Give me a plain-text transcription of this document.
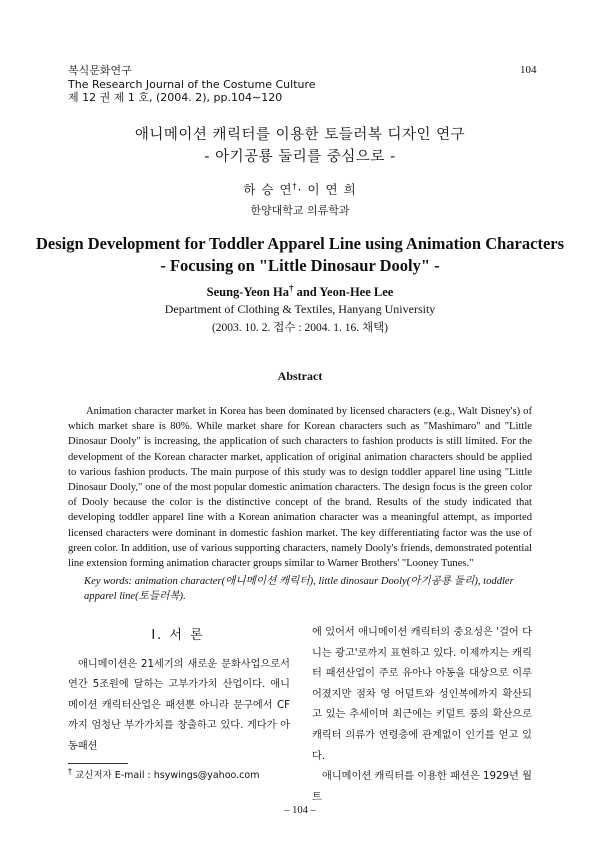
복식문화연구
The Research Journal of the Costume Culture
제 12 권 제 1 호, (2004. 2), pp.104∼120
104
애니메이션 캐릭터를 이용한 토들러복 디자인 연구
- 아기공룡 둘리를 중심으로 -
하 승 연†· 이 연 희
한양대학교 의류학과
Design Development for Toddler Apparel Line using Animation Characters
- Focusing on "Little Dinosaur Dooly" -
Seung-Yeon Ha† and Yeon-Hee Lee
Department of Clothing & Textiles, Hanyang University
(2003. 10. 2. 접수 : 2004. 1. 16. 채택)
Abstract
Animation character market in Korea has been dominated by licensed characters (e.g., Walt Disney's) of which market share is 80%. While market share for Korean characters such as "Mashimaro" and "Little Dinosaur Dooly" is increasing, the application of such characters to fashion products is still limited. For the development of the Korean character market, application of original animation characters should be applied to various fashion products. The main purpose of this study was to design toddler apparel line using "Little Dinosaur Dooly," one of the most popular domestic animation characters. The design focus is the green color of Dooly because the color is the distinctive concept of the brand. Results of the study indicated that developing toddler apparel line with a Korean animation character was a meaningful attempt, as imported licensed characters were dominant in domestic fashion market. The key differentiating factor was the use of green color. In addition, use of various supporting characters, namely Dooly's friends, demonstrated potential line extension forming animation character groups similar to Warner Brothers' "Looney Tunes."
Key words: animation character(애니메이션 캐릭터), little dinosaur Dooly(아기공룡 둘리), toddler apparel line(토들러복).
Ⅰ. 서 론
애니메이션은 21세기의 새로운 문화사업으로서 연간 5조원에 달하는 고부가가치 산업이다. 애니메이션 캐릭터산업은 패션뿐 아니라 문구에서 CF까지 엄청난 부가가치를 창출하고 있다. 게다가 아동패션

에 있어서 애니메이션 캐릭터의 중요성은 '걸어 다니는 광고'로까지 표현하고 있다. 이제까지는 캐릭터 패션산업이 주로 유아나 아동을 대상으로 이루어졌지만 점차 영 어덜트와 성인복에까지 확산되고 있는 추세이며 최근에는 키덜트 풍의 확산으로 캐릭터 의류가 연령층에 관계없이 인기를 얻고 있다.

애니메이션 캐릭터를 이용한 패션은 1929년 월트

† 교신저자 E-mail : hsywings@yahoo.com
– 104 –
